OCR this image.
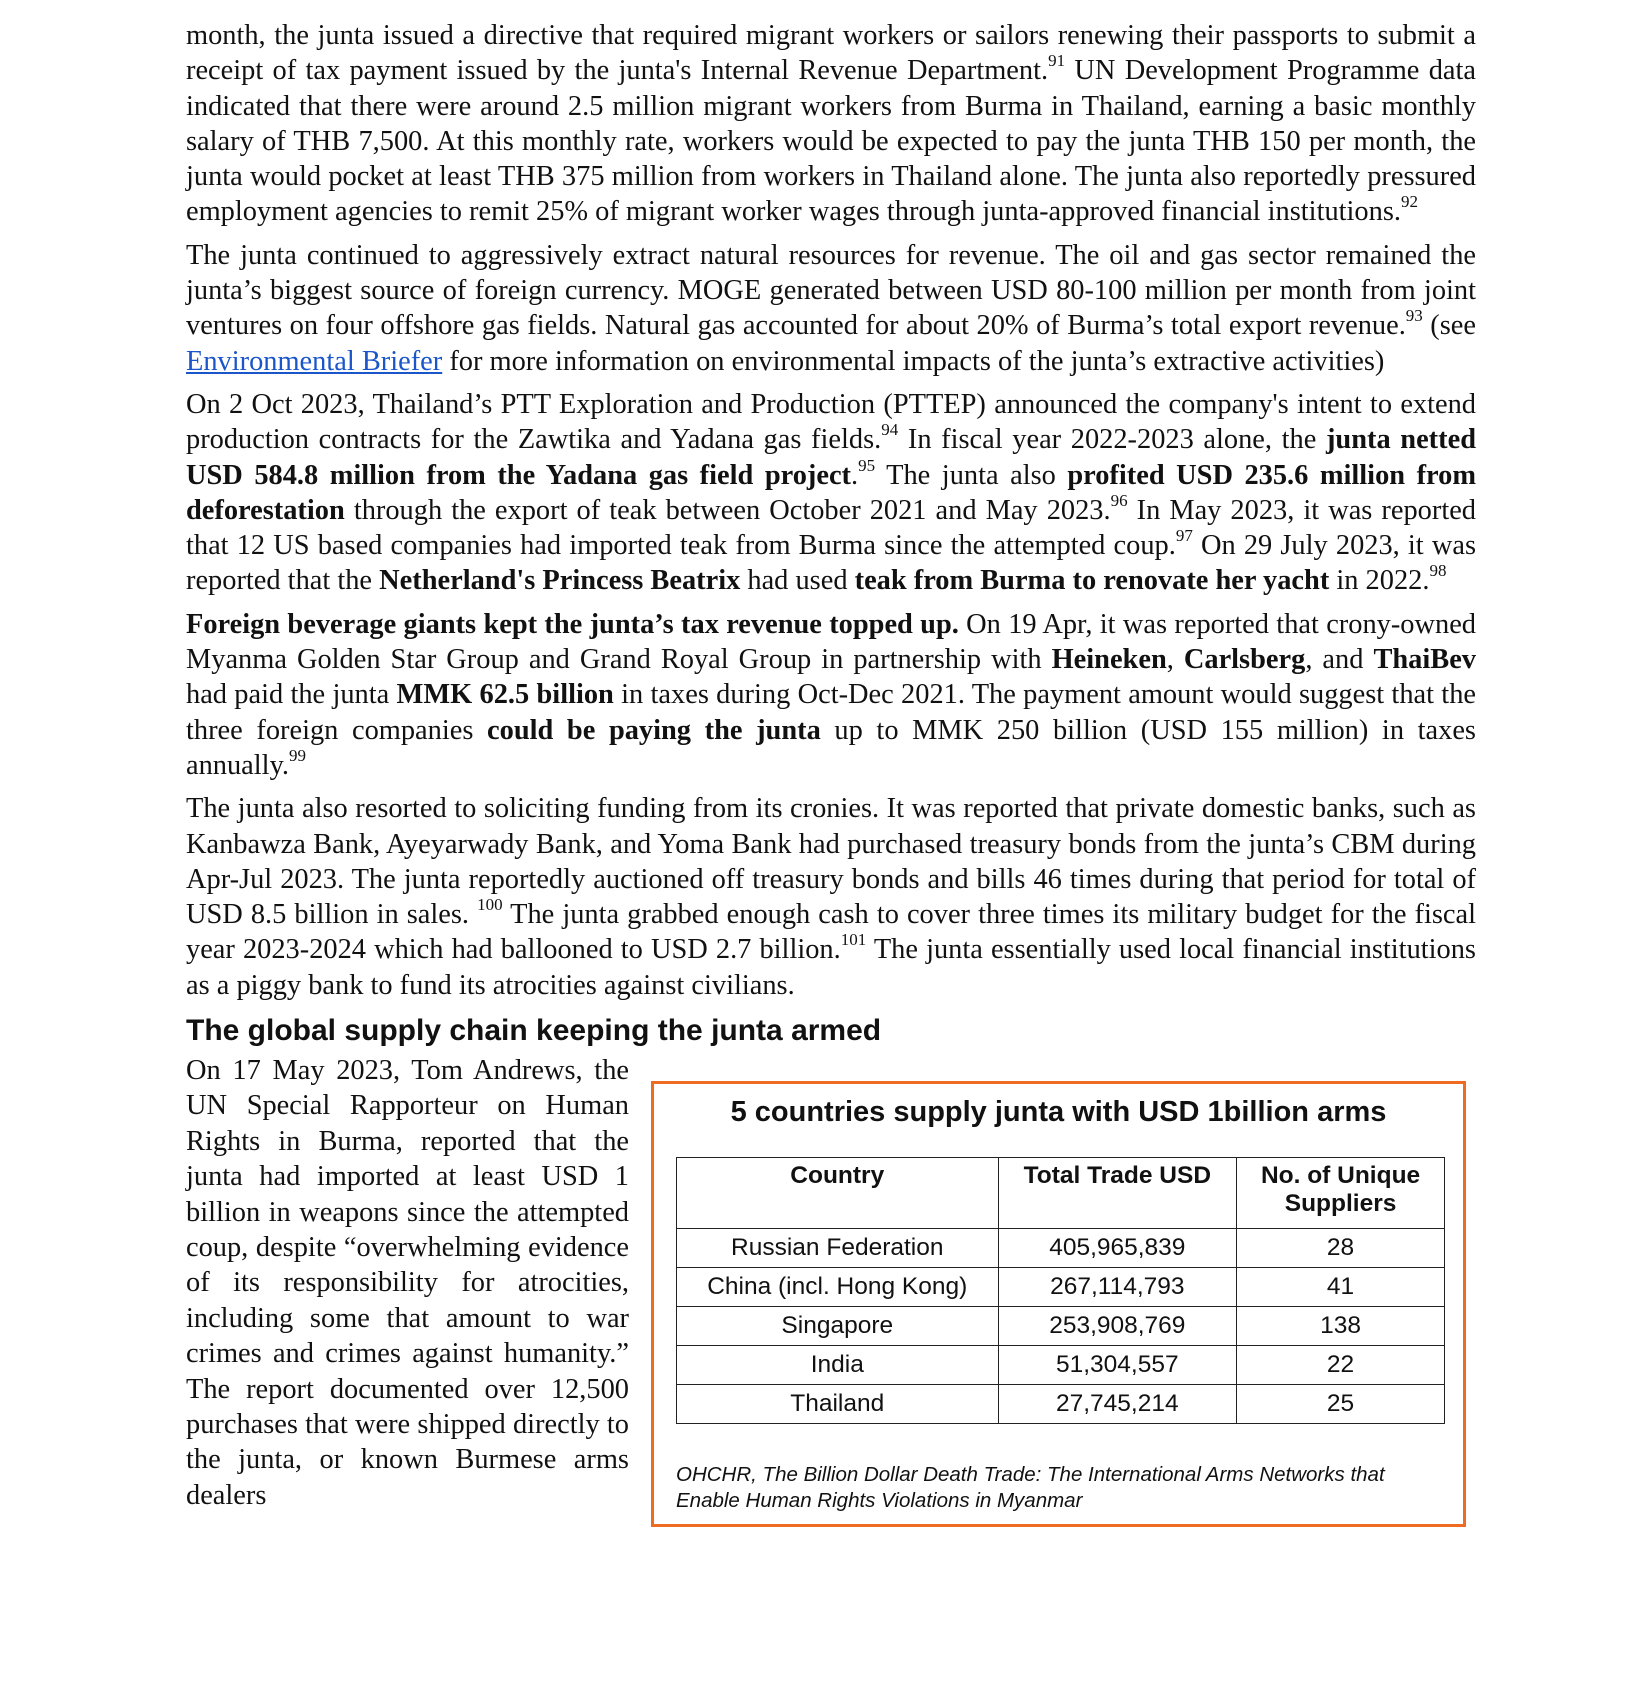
month, the junta issued a directive that required migrant workers or sailors renewing their passports to submit a receipt of tax payment issued by the junta's Internal Revenue Department.$^{91}$ UN Development Programme data indicated that there were around 2.5 million migrant workers from Burma in Thailand, earning a basic monthly salary of THB 7,500. At this monthly rate, workers would be expected to pay the junta THB 150 per month, the junta would pocket at least THB 375 million from workers in Thailand alone. The junta also reportedly pressured employment agencies to remit 25% of migrant worker wages through junta-approved financial institutions.$^{92}$

The junta continued to aggressively extract natural resources for revenue. The oil and gas sector remained the junta’s biggest source of foreign currency. MOGE generated between USD 80-100 million per month from joint ventures on four offshore gas fields. Natural gas accounted for about 20% of Burma’s total export revenue.$^{93}$ (see Environmental Briefer for more information on environmental impacts of the junta’s extractive activities)

On 2 Oct 2023, Thailand’s PTT Exploration and Production (PTTEP) announced the company's intent to extend production contracts for the Zawtika and Yadana gas fields.$^{94}$ In fiscal year 2022-2023 alone, the junta netted USD 584.8 million from the Yadana gas field project.$^{95}$ The junta also profited USD 235.6 million from deforestation through the export of teak between October 2021 and May 2023.96 In May 2023, it was reported that 12 US based companies had imported teak from Burma since the attempted coup.$^{97}$ On 29 July 2023, it was reported that the Netherland's Princess Beatrix had used teak from Burma to renovate her yacht in 2022.98

Foreign beverage giants kept the junta’s tax revenue topped up. On 19 Apr, it was reported that crony-owned Myanma Golden Star Group and Grand Royal Group in partnership with Heineken, Carlsberg, and ThaiBev had paid the junta MMK 62.5 billion in taxes during Oct-Dec 2021. The payment amount would suggest that the three foreign companies could be paying the junta up to MMK 250 billion (USD 155 million) in taxes annually.$^{99}$

The junta also resorted to soliciting funding from its cronies. It was reported that private domestic banks, such as Kanbawza Bank, Ayeyarwady Bank, and Yoma Bank had purchased treasury bonds from the junta’s CBM during Apr-Jul 2023. The junta reportedly auctioned off treasury bonds and bills 46 times during that period for total of USD 8.5 billion in sales. $^{100}$ The junta grabbed enough cash to cover three times its military budget for the fiscal year 2023-2024 which had ballooned to USD 2.7 billion.$^{101}$ The junta essentially used local financial institutions as a piggy bank to fund its atrocities against civilians.

The global supply chain keeping the junta armed

On 17 May 2023, Tom Andrews, the UN Special Rapporteur on Human Rights in Burma, reported that the junta had imported at least USD 1 billion in weapons since the attempted coup, despite “overwhelming evidence of its responsibility for atrocities, including some that amount to war crimes and crimes against humanity.” The report documented over 12,500 purchases that were shipped directly to the junta, or known Burmese arms dealers

5 countries supply junta with USD 1billion arms
Country	Total Trade USD	No. of Unique Suppliers
Russian Federation	405,965,839	28
China (incl. Hong Kong)	267,114,793	41
Singapore	253,908,769	138
India	51,304,557	22
Thailand	27,745,214	25
OHCHR, The Billion Dollar Death Trade: The International Arms Networks that Enable Human Rights Violations in Myanmar
